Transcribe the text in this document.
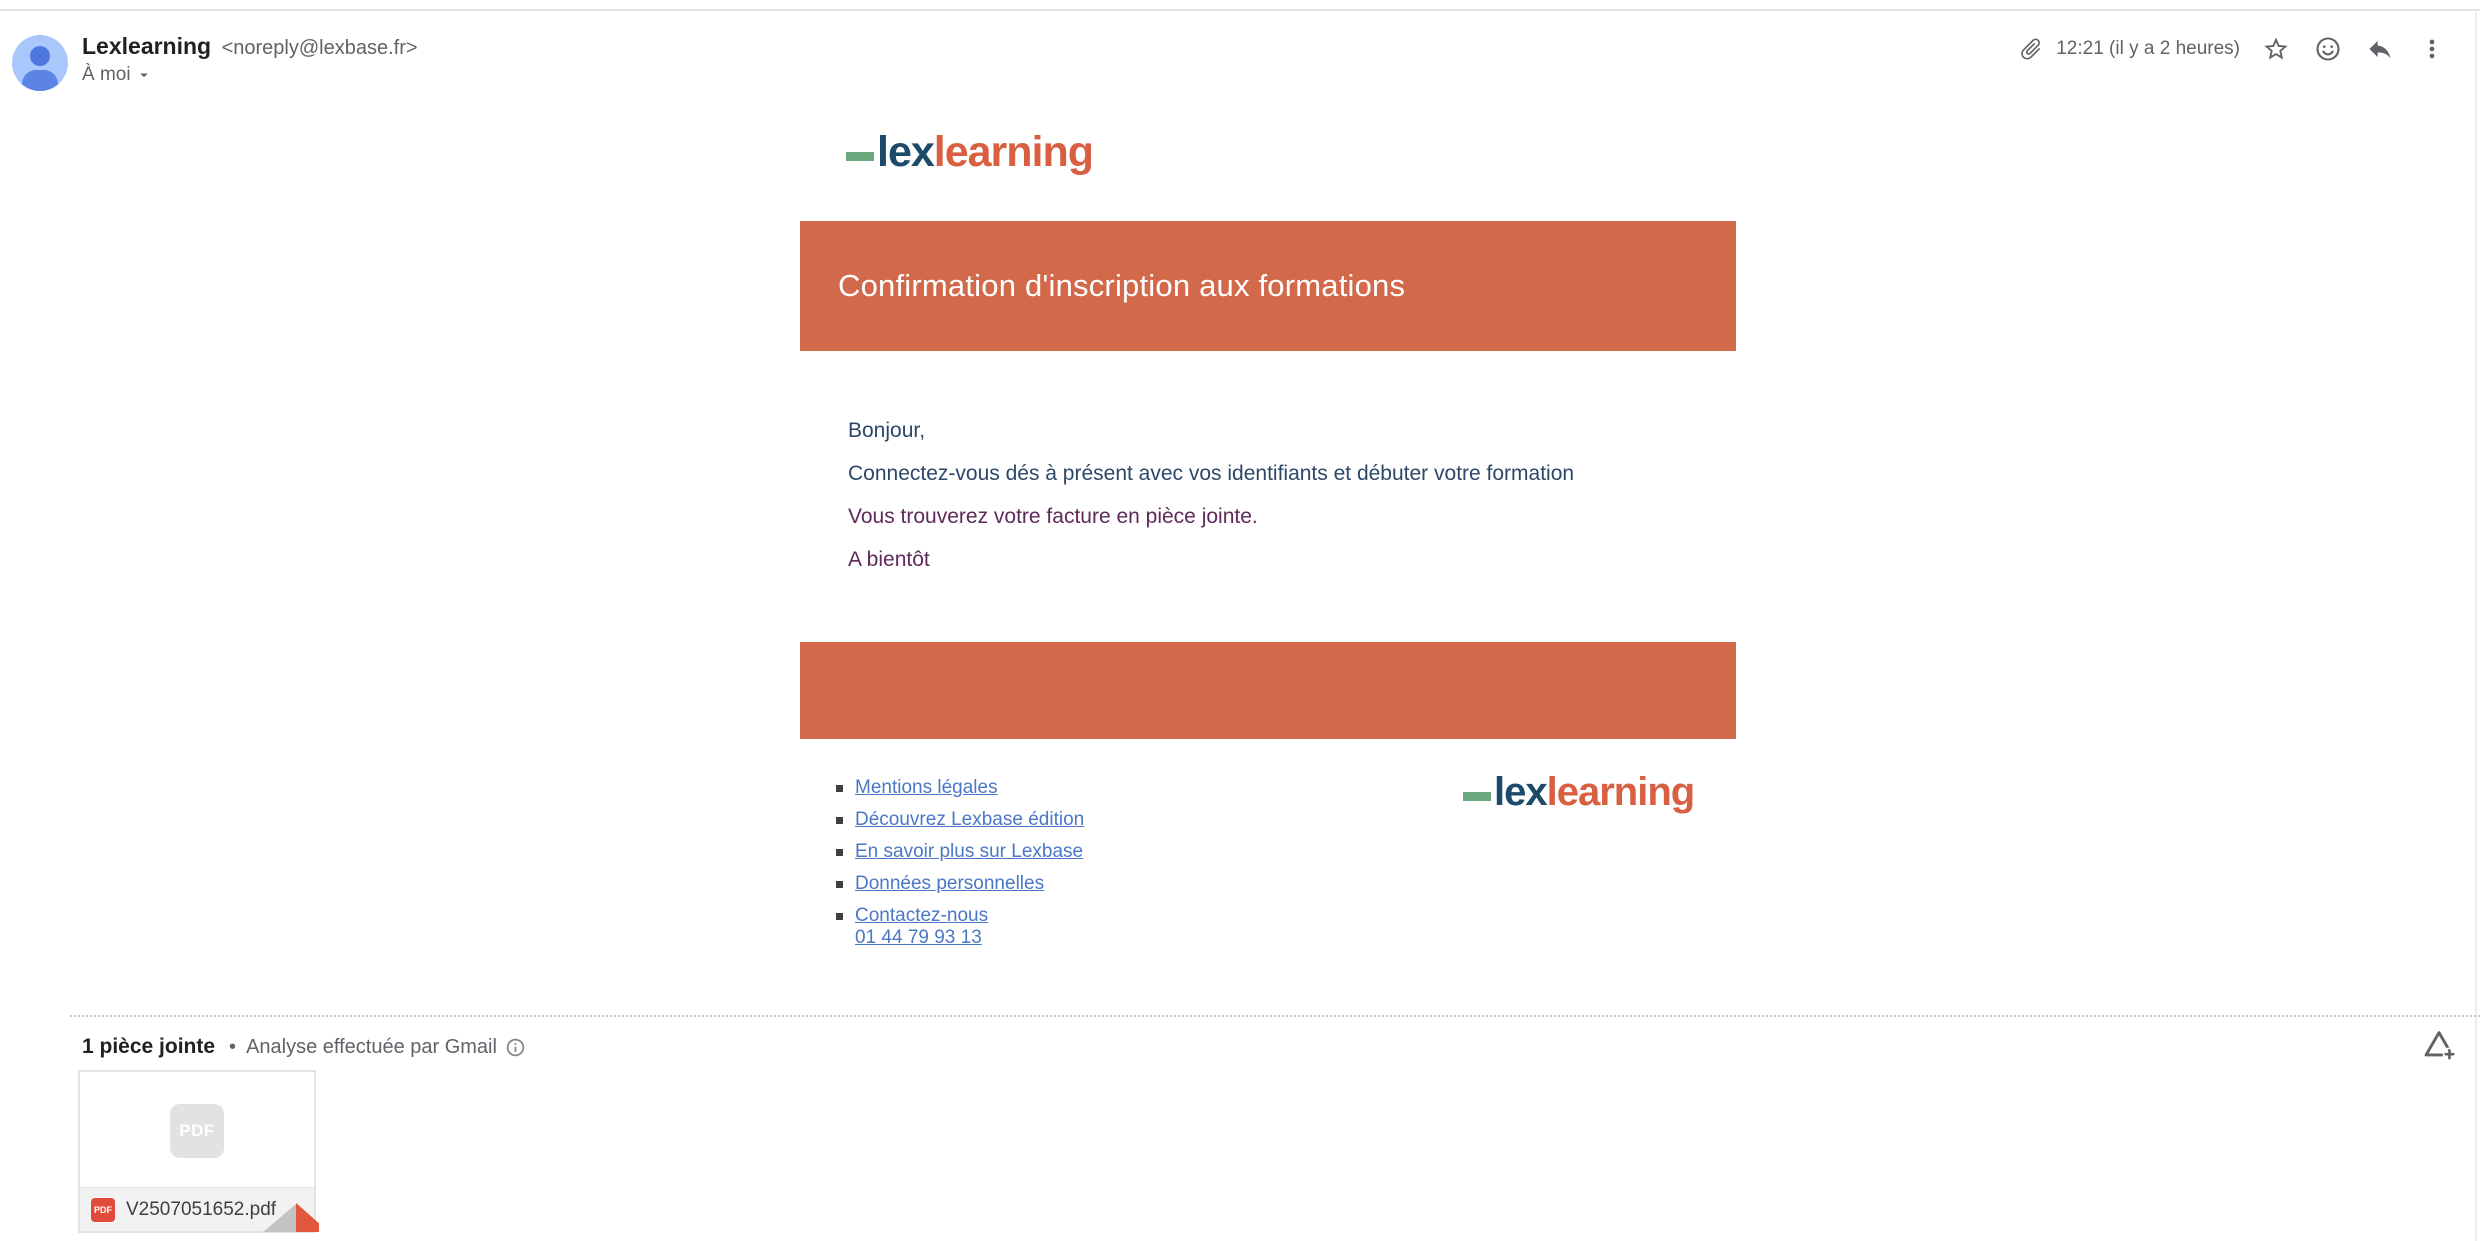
Lexlearning <noreply@lexbase.fr>
À moi
12:21 (il y a 2 heures)
lexlearning
Confirmation d'inscription aux formations

Bonjour,

Connectez-vous dés à présent avec vos identifiants et débuter votre formation

Vous trouverez votre facture en pièce jointe.

A bientôt

Mentions légales
Découvrez Lexbase édition
En savoir plus sur Lexbase
Données personnelles
Contactez-nous
01 44 79 93 13
lexlearning
1 pièce jointe • Analyse effectuée par Gmail
PDF
PDF V2507051652.pdf
